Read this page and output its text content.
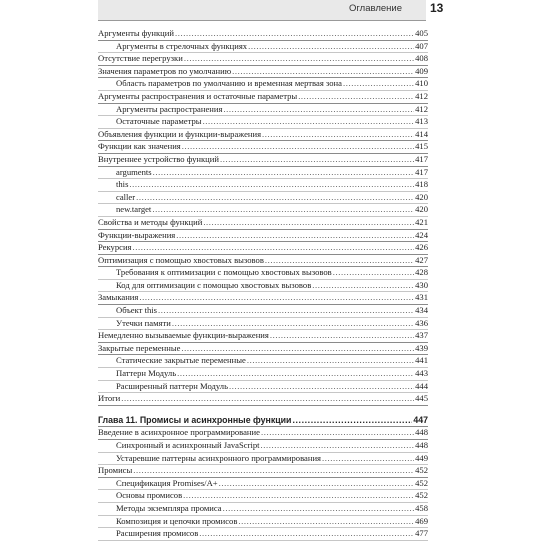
Оглавление 13
Аргументы функций .....	405
Аргументы в стрелочных функциях .....	407
Отсутствие перегрузки .....	408
Значения параметров по умолчанию .....	409
Область параметров по умолчанию и временная мертвая зона .....	410
Аргументы распространения и остаточные параметры .....	412
Аргументы распространения .....	412
Остаточные параметры .....	413
Объявления функции и функции-выражения .....	414
Функции как значения .....	415
Внутреннее устройство функций .....	417
arguments .....	417
this .....	418
caller .....	420
new.target .....	420
Свойства и методы функций .....	421
Функции-выражения .....	424
Рекурсия .....	426
Оптимизация с помощью хвостовых вызовов .....	427
Требования к оптимизации с помощью хвостовых вызовов .....	428
Код для оптимизации с помощью хвостовых вызовов .....	430
Замыкания .....	431
Объект this .....	434
Утечки памяти .....	436
Немедленно вызываемые функции-выражения .....	437
Закрытые переменные .....	439
Статические закрытые переменные .....	441
Паттерн Модуль .....	443
Расширенный паттерн Модуль .....	444
Итоги .....	445
Глава 11. Промисы и асинхронные функции .....	447
Введение в асинхронное программирование .....	448
Синхронный и асинхронный JavaScript .....	448
Устаревшие паттерны асинхронного программирования .....	449
Промисы .....	452
Спецификация Promises/A+ .....	452
Основы промисов .....	452
Методы экземпляра промиса .....	458
Композиция и цепочки промисов .....	469
Расширения промисов .....	477
